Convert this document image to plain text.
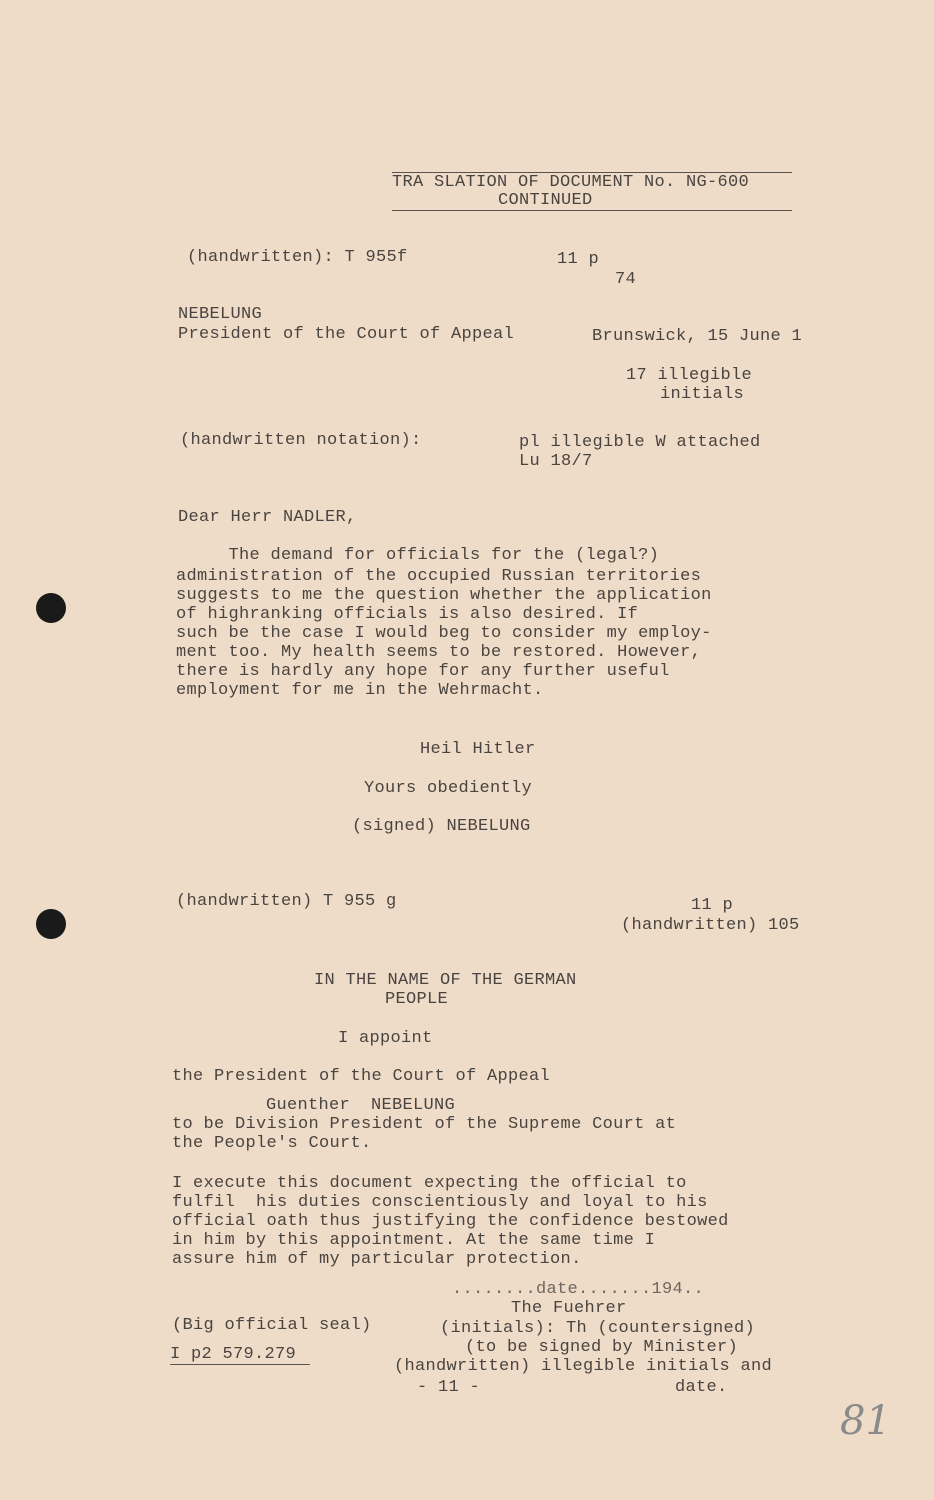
TRA SLATION OF DOCUMENT No. NG-600
CONTINUED
(handwritten): T 955f	11 p
74
NEBELUNG
President of the Court of Appeal	Brunswick, 15 June 1
17 illegible
initials
(handwritten notation):	pl illegible W attached
Lu 18/7
Dear Herr NADLER,
The demand for officials for the (legal?)
administration of the occupied Russian territories
suggests to me the question whether the application
of highranking officials is also desired. If
such be the case I would beg to consider my employ-
ment too. My health seems to be restored. However,
there is hardly any hope for any further useful
employment for me in the Wehrmacht.
Heil Hitler
Yours obediently
(signed) NEBELUNG
(handwritten) T 955 g	11 p
(handwritten) 105
IN THE NAME OF THE GERMAN
PEOPLE
I appoint
the President of the Court of Appeal
Guenther  NEBELUNG
to be Division President of the Supreme Court at
the People's Court.
I execute this document expecting the official to
fulfil  his duties conscientiously and loyal to his
official oath thus justifying the confidence bestowed
in him by this appointment. At the same time I
assure him of my particular protection.
........date.......194..
The Fuehrer
(Big official seal)	(initials): Th (countersigned)
(to be signed by Minister)
I p2 579.279
(handwritten) illegible initials and
- 11 -	date.
81
